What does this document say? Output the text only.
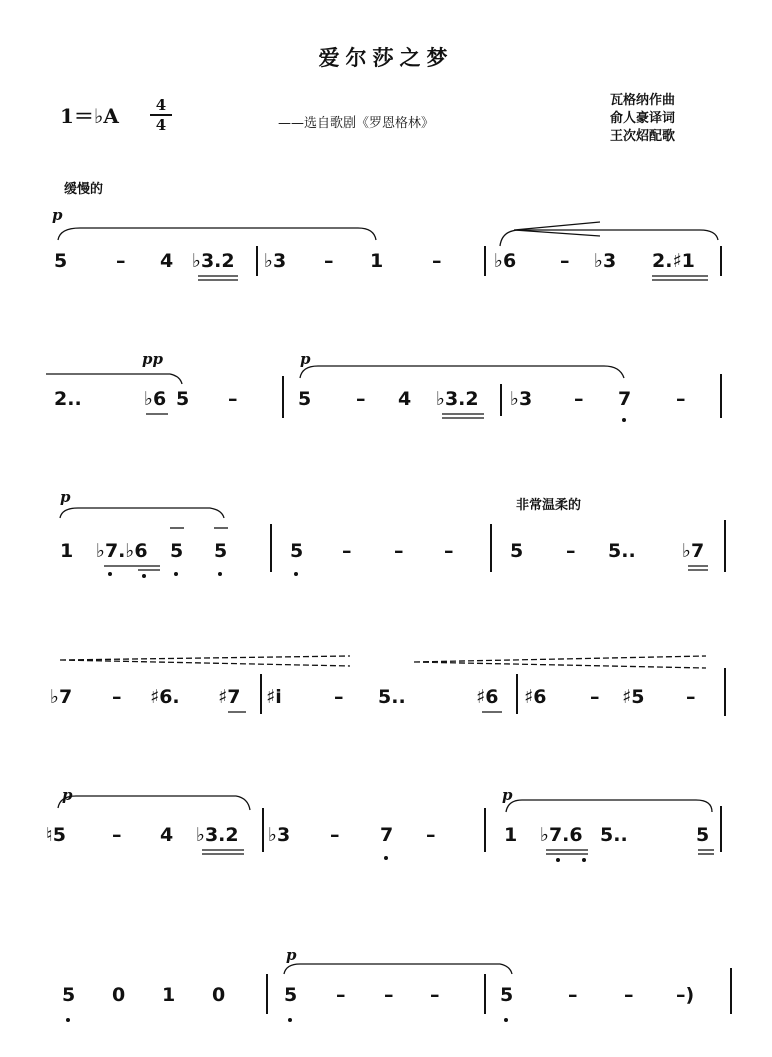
爱尔莎之梦
1＝♭A	4
4	——选自歌剧《罗恩格林》
瓦格纳作曲
俞人豪译词
王次炤配歌
缓慢的
非常温柔的
p
pp	p
p
p	p
p
5	– 4 ♭3.2 ♭3 – 1	–	♭6 – ♭3 2.♯1
2..	♭6 5 –	5 – 4 ♭3.2 ♭3 – 7 –
1 ♭7.♭6 5 5	5 – – –	5 – 5.. ♭7
♭7 – ♯6. ♯7 ♯i	– 5..	♯6 ♯6 – ♯5 –
♮5 – 4 ♭3.2 ♭3 – 7 –	1 ♭7.6 5..	5
5 0 1 0	5 – – –	5	– – –)
